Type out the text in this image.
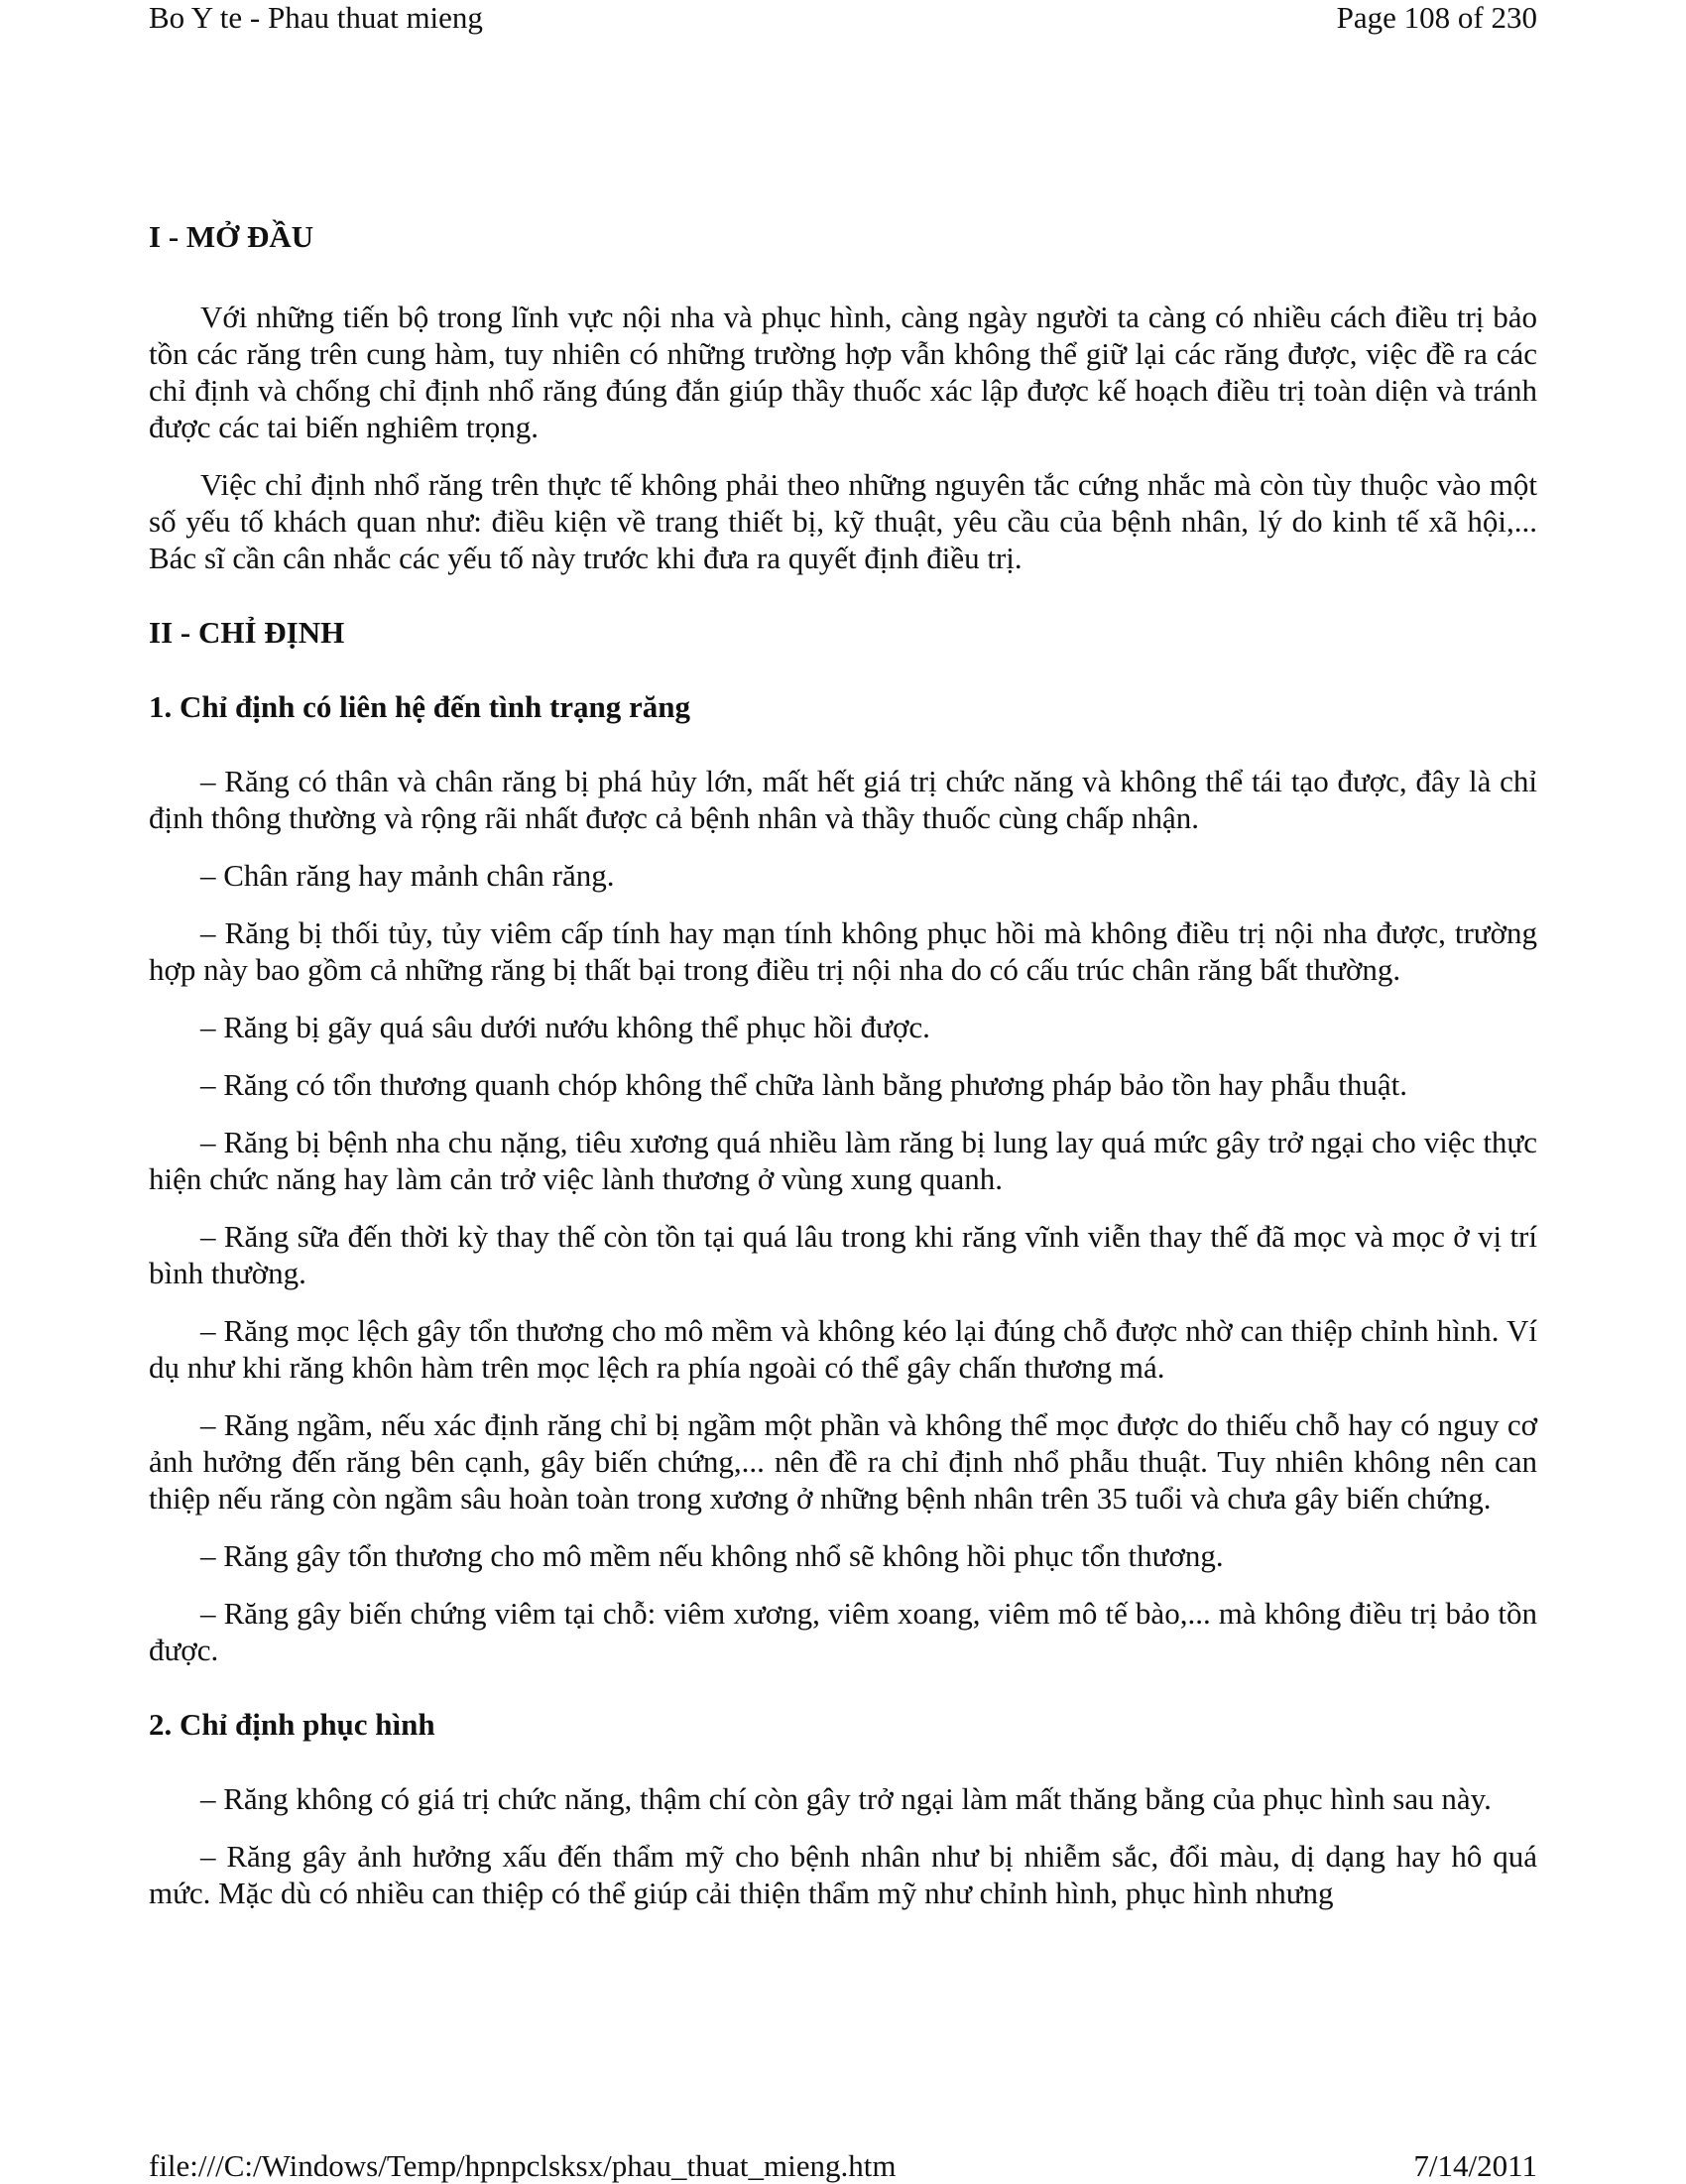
Bo Y te - Phau thuat mieng	Page 108 of 230

I - MỞ ĐẦU

Với những tiến bộ trong lĩnh vực nội nha và phục hình, càng ngày người ta càng có nhiều cách điều trị bảo tồn các răng trên cung hàm, tuy nhiên có những trường hợp vẫn không thể giữ lại các răng được, việc đề ra các chỉ định và chống chỉ định nhổ răng đúng đắn giúp thầy thuốc xác lập được kế hoạch điều trị toàn diện và tránh được các tai biến nghiêm trọng.

Việc chỉ định nhổ răng trên thực tế không phải theo những nguyên tắc cứng nhắc mà còn tùy thuộc vào một số yếu tố khách quan như: điều kiện về trang thiết bị, kỹ thuật, yêu cầu của bệnh nhân, lý do kinh tế xã hội,... Bác sĩ cần cân nhắc các yếu tố này trước khi đưa ra quyết định điều trị.

II - CHỈ ĐỊNH

1. Chỉ định có liên hệ đến tình trạng răng

– Răng có thân và chân răng bị phá hủy lớn, mất hết giá trị chức năng và không thể tái tạo được, đây là chỉ định thông thường và rộng rãi nhất được cả bệnh nhân và thầy thuốc cùng chấp nhận.

– Chân răng hay mảnh chân răng.

– Răng bị thối tủy, tủy viêm cấp tính hay mạn tính không phục hồi mà không điều trị nội nha được, trường hợp này bao gồm cả những răng bị thất bại trong điều trị nội nha do có cấu trúc chân răng bất thường.

– Răng bị gãy quá sâu dưới nướu không thể phục hồi được.

– Răng có tổn thương quanh chóp không thể chữa lành bằng phương pháp bảo tồn hay phẫu thuật.

– Răng bị bệnh nha chu nặng, tiêu xương quá nhiều làm răng bị lung lay quá mức gây trở ngại cho việc thực hiện chức năng hay làm cản trở việc lành thương ở vùng xung quanh.

– Răng sữa đến thời kỳ thay thế còn tồn tại quá lâu trong khi răng vĩnh viễn thay thế đã mọc và mọc ở vị trí bình thường.

– Răng mọc lệch gây tổn thương cho mô mềm và không kéo lại đúng chỗ được nhờ can thiệp chỉnh hình. Ví dụ như khi răng khôn hàm trên mọc lệch ra phía ngoài có thể gây chấn thương má.

– Răng ngầm, nếu xác định răng chỉ bị ngầm một phần và không thể mọc được do thiếu chỗ hay có nguy cơ ảnh hưởng đến răng bên cạnh, gây biến chứng,... nên đề ra chỉ định nhổ phẫu thuật. Tuy nhiên không nên can thiệp nếu răng còn ngầm sâu hoàn toàn trong xương ở những bệnh nhân trên 35 tuổi và chưa gây biến chứng.

– Răng gây tổn thương cho mô mềm nếu không nhổ sẽ không hồi phục tổn thương.

– Răng gây biến chứng viêm tại chỗ: viêm xương, viêm xoang, viêm mô tế bào,... mà không điều trị bảo tồn được.

2. Chỉ định phục hình

– Răng không có giá trị chức năng, thậm chí còn gây trở ngại làm mất thăng bằng của phục hình sau này.

– Răng gây ảnh hưởng xấu đến thẩm mỹ cho bệnh nhân như bị nhiễm sắc, đổi màu, dị dạng hay hô quá mức. Mặc dù có nhiều can thiệp có thể giúp cải thiện thẩm mỹ như chỉnh hình, phục hình nhưng

file:///C:/Windows/Temp/hpnpclsksx/phau_thuat_mieng.htm	7/14/2011
